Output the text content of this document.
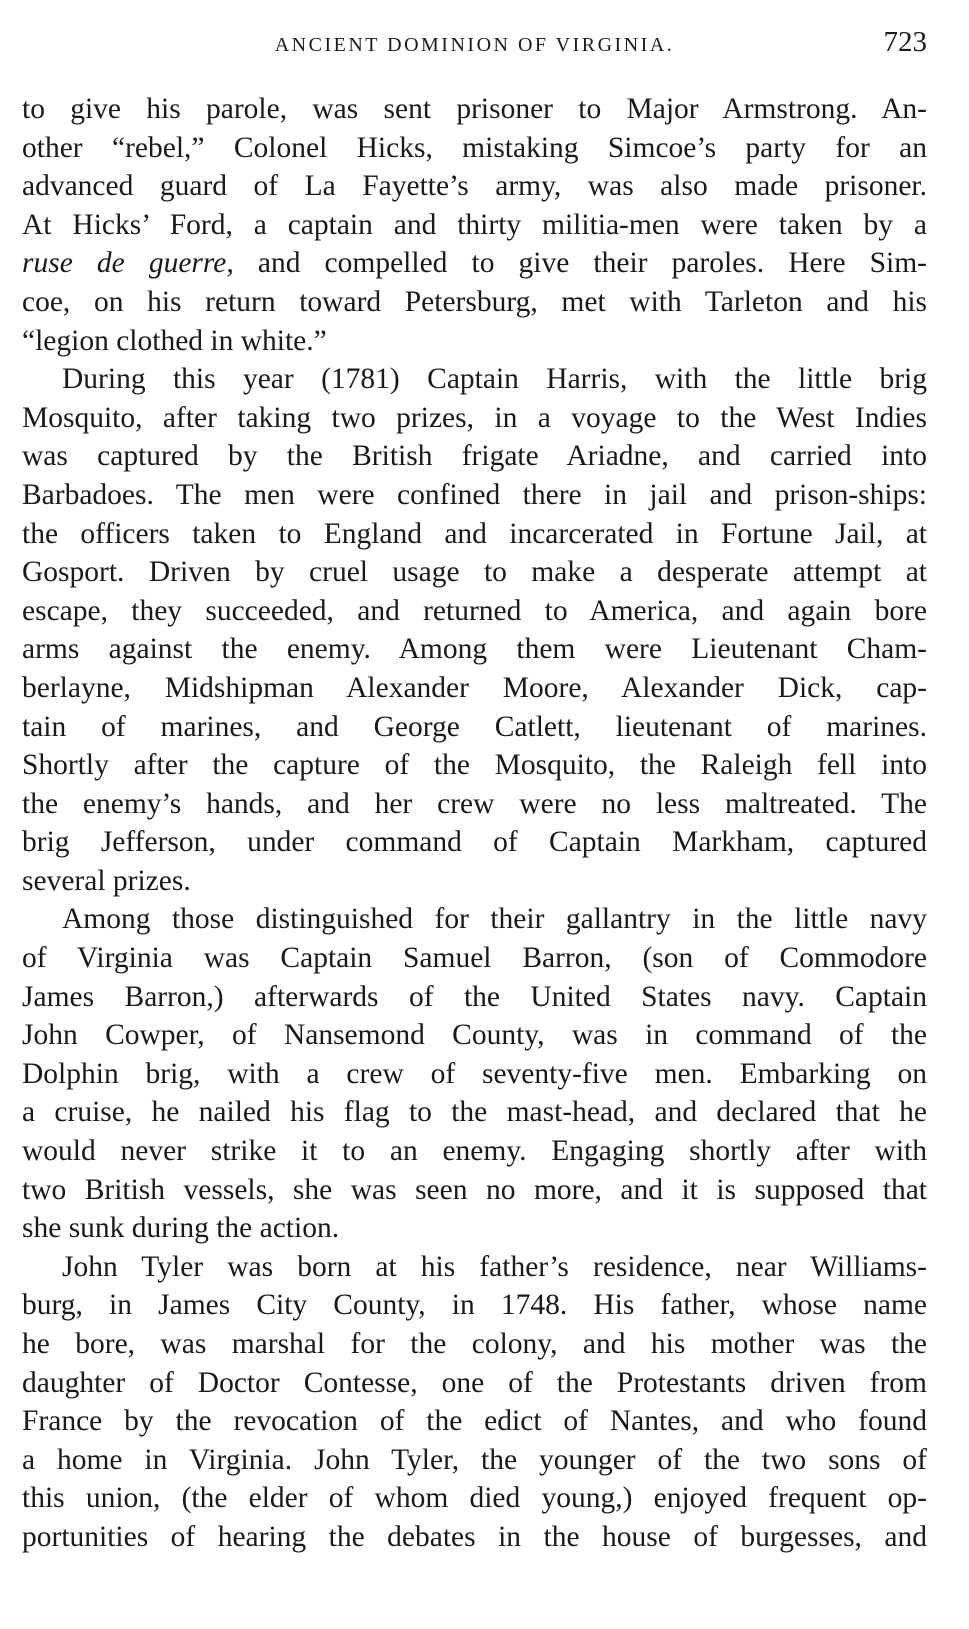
ANCIENT DOMINION OF VIRGINIA.	723
to give his parole, was sent prisoner to Major Armstrong. An-
other “rebel,” Colonel Hicks, mistaking Simcoe’s party for an
advanced guard of La Fayette’s army, was also made prisoner.
At Hicks’ Ford, a captain and thirty militia-men were taken by a
ruse de guerre, and compelled to give their paroles. Here Sim-
coe, on his return toward Petersburg, met with Tarleton and his
“legion clothed in white.”
During this year (1781) Captain Harris, with the little brig
Mosquito, after taking two prizes, in a voyage to the West Indies
was captured by the British frigate Ariadne, and carried into
Barbadoes. The men were confined there in jail and prison-ships:
the officers taken to England and incarcerated in Fortune Jail, at
Gosport. Driven by cruel usage to make a desperate attempt at
escape, they succeeded, and returned to America, and again bore
arms against the enemy. Among them were Lieutenant Cham-
berlayne, Midshipman Alexander Moore, Alexander Dick, cap-
tain of marines, and George Catlett, lieutenant of marines.
Shortly after the capture of the Mosquito, the Raleigh fell into
the enemy’s hands, and her crew were no less maltreated. The
brig Jefferson, under command of Captain Markham, captured
several prizes.
Among those distinguished for their gallantry in the little navy
of Virginia was Captain Samuel Barron, (son of Commodore
James Barron,) afterwards of the United States navy. Captain
John Cowper, of Nansemond County, was in command of the
Dolphin brig, with a crew of seventy-five men. Embarking on
a cruise, he nailed his flag to the mast-head, and declared that he
would never strike it to an enemy. Engaging shortly after with
two British vessels, she was seen no more, and it is supposed that
she sunk during the action.
John Tyler was born at his father’s residence, near Williams-
burg, in James City County, in 1748. His father, whose name
he bore, was marshal for the colony, and his mother was the
daughter of Doctor Contesse, one of the Protestants driven from
France by the revocation of the edict of Nantes, and who found
a home in Virginia. John Tyler, the younger of the two sons of
this union, (the elder of whom died young,) enjoyed frequent op-
portunities of hearing the debates in the house of burgesses, and
